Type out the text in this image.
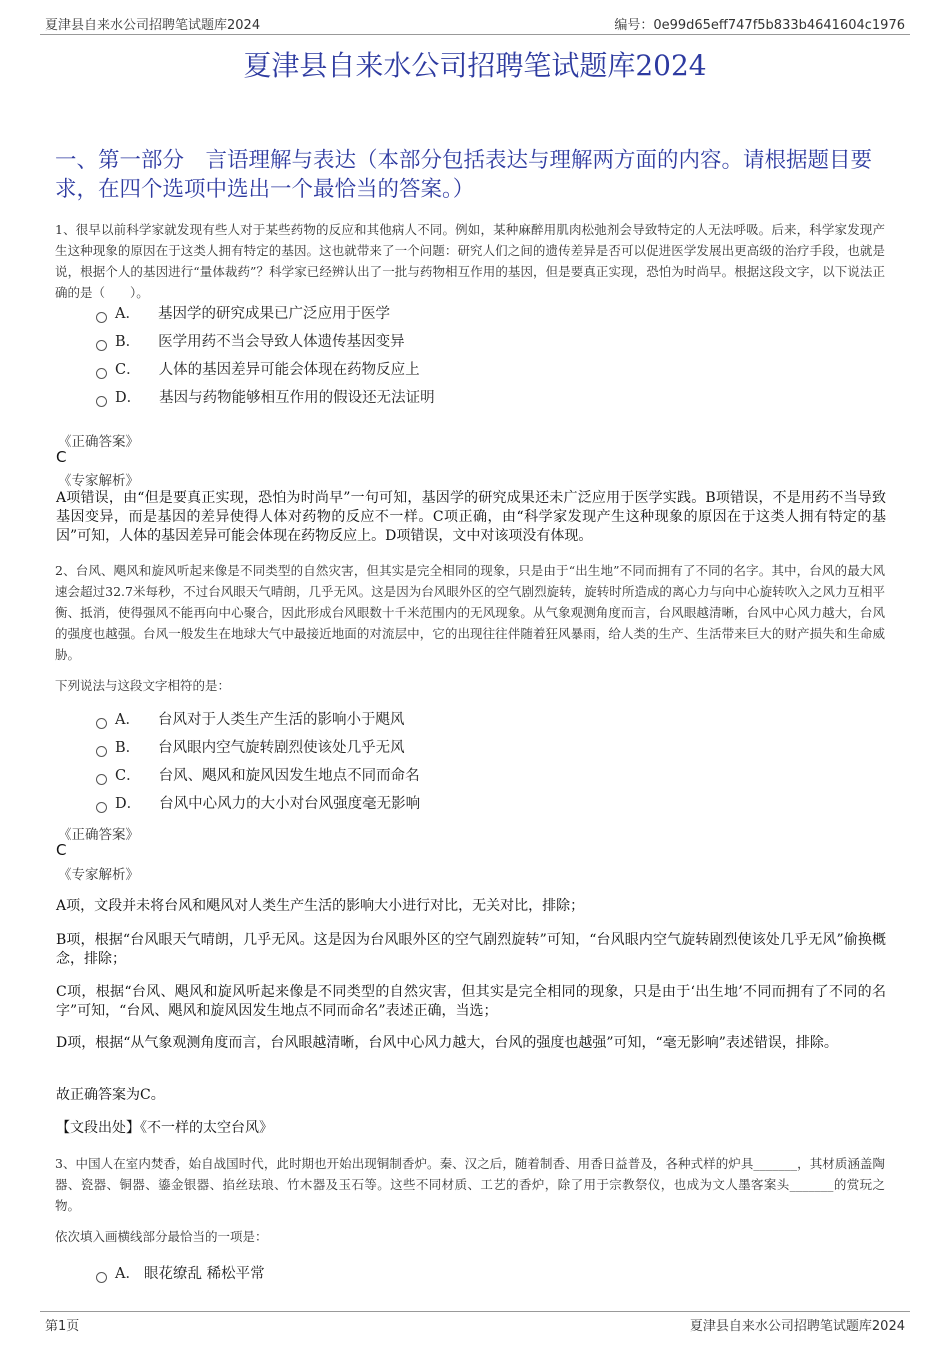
夏津县自来水公司招聘笔试题库2024	编号：0e99d65eff747f5b833b4641604c1976
夏津县自来水公司招聘笔试题库2024
一、第一部分　言语理解与表达（本部分包括表达与理解两方面的内容。请根据题目要求，在四个选项中选出一个最恰当的答案。）
1、很早以前科学家就发现有些人对于某些药物的反应和其他病人不同。例如，某种麻醉用肌肉松弛剂会导致特定的人无法呼吸。后来，科学家发现产生这种现象的原因在于这类人拥有特定的基因。这也就带来了一个问题：研究人们之间的遗传差异是否可以促进医学发展出更高级的治疗手段，也就是说，根据个人的基因进行“量体裁药”？科学家已经辨认出了一批与药物相互作用的基因，但是要真正实现，恐怕为时尚早。根据这段文字，以下说法正确的是（　　）。
A． 基因学的研究成果已广泛应用于医学
B． 医学用药不当会导致人体遗传基因变异
C． 人体的基因差异可能会体现在药物反应上
D． 基因与药物能够相互作用的假设还无法证明
《正确答案》
C
《专家解析》
A项错误，由“但是要真正实现，恐怕为时尚早”一句可知，基因学的研究成果还未广泛应用于医学实践。B项错误，不是用药不当导致基因变异，而是基因的差异使得人体对药物的反应不一样。C项正确，由“科学家发现产生这种现象的原因在于这类人拥有特定的基因”可知，人体的基因差异可能会体现在药物反应上。D项错误，文中对该项没有体现。
2、台风、飓风和旋风听起来像是不同类型的自然灾害，但其实是完全相同的现象，只是由于“出生地”不同而拥有了不同的名字。其中，台风的最大风速会超过32.7米每秒，不过台风眼天气晴朗，几乎无风。这是因为台风眼外区的空气剧烈旋转，旋转时所造成的离心力与向中心旋转吹入之风力互相平衡、抵消，使得强风不能再向中心聚合，因此形成台风眼数十千米范围内的无风现象。从气象观测角度而言，台风眼越清晰，台风中心风力越大，台风的强度也越强。台风一般发生在地球大气中最接近地面的对流层中，它的出现往往伴随着狂风暴雨，给人类的生产、生活带来巨大的财产损失和生命威胁。
下列说法与这段文字相符的是：
A． 台风对于人类生产生活的影响小于飓风
B． 台风眼内空气旋转剧烈使该处几乎无风
C． 台风、飓风和旋风因发生地点不同而命名
D． 台风中心风力的大小对台风强度毫无影响
《正确答案》
C
《专家解析》
A项，文段并未将台风和飓风对人类生产生活的影响大小进行对比，无关对比，排除；
B项，根据“台风眼天气晴朗，几乎无风。这是因为台风眼外区的空气剧烈旋转”可知，“台风眼内空气旋转剧烈使该处几乎无风”偷换概念，排除；
C项，根据“台风、飓风和旋风听起来像是不同类型的自然灾害，但其实是完全相同的现象，只是由于‘出生地’不同而拥有了不同的名字”可知，“台风、飓风和旋风因发生地点不同而命名”表述正确，当选；
D项，根据“从气象观测角度而言，台风眼越清晰，台风中心风力越大，台风的强度也越强”可知，“毫无影响”表述错误，排除。
故正确答案为C。
【文段出处】《不一样的太空台风》
3、中国人在室内焚香，始自战国时代，此时期也开始出现铜制香炉。秦、汉之后，随着制香、用香日益普及，各种式样的炉具_______，其材质涵盖陶器、瓷器、铜器、鎏金银器、掐丝珐琅、竹木器及玉石等。这些不同材质、工艺的香炉，除了用于宗教祭仪，也成为文人墨客案头_______的赏玩之物。
依次填入画横线部分最恰当的一项是：
A． 眼花缭乱 稀松平常
第1页	夏津县自来水公司招聘笔试题库2024
